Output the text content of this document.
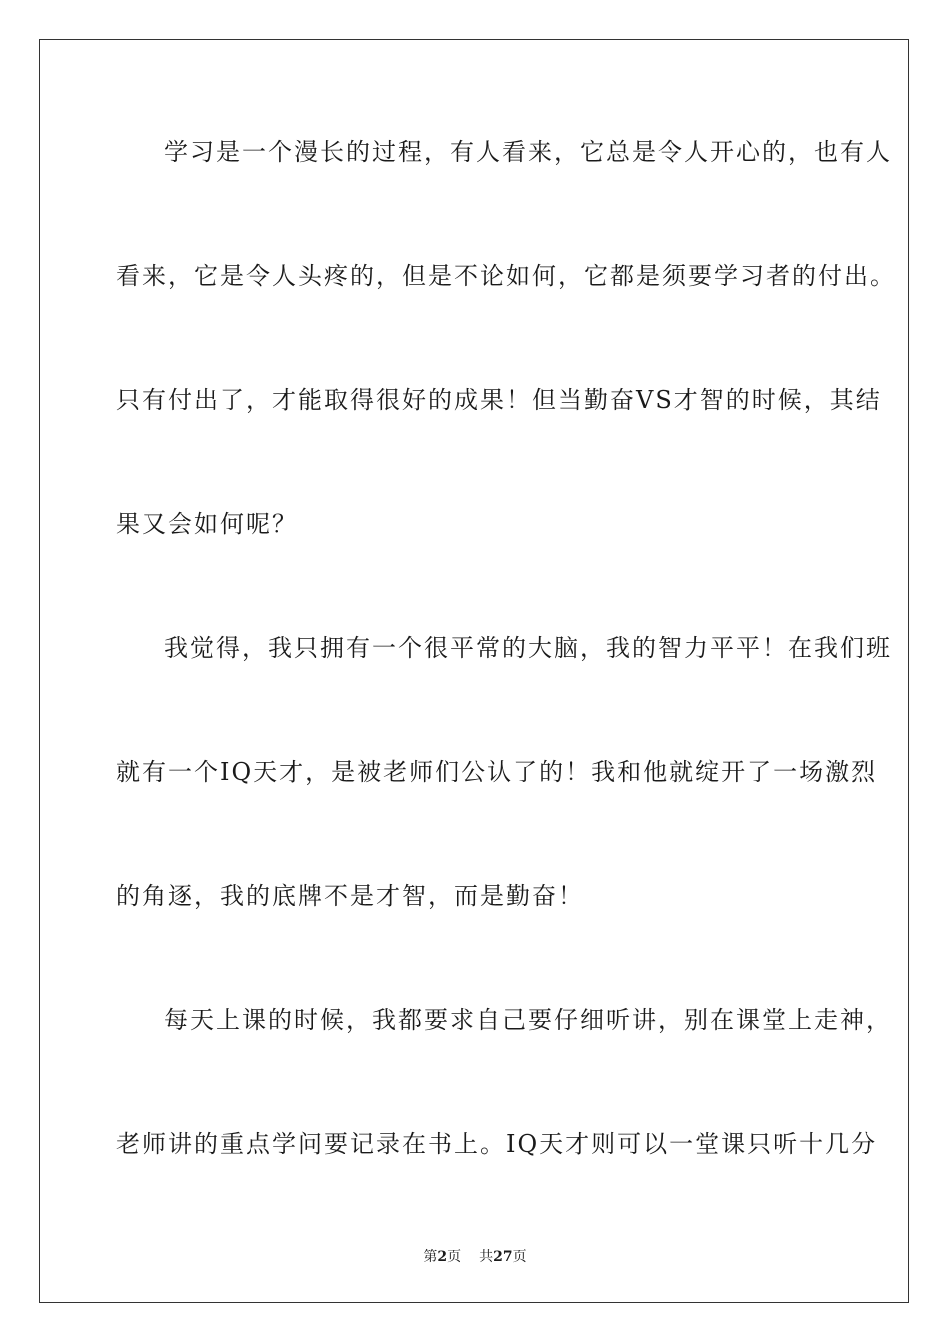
学习是一个漫长的过程，有人看来，它总是令人开心的，也有人
看来，它是令人头疼的，但是不论如何，它都是须要学习者的付出。
只有付出了，才能取得很好的成果！但当勤奋VS才智的时候，其结
果又会如何呢？
我觉得，我只拥有一个很平常的大脑，我的智力平平！在我们班
就有一个IQ天才，是被老师们公认了的！我和他就绽开了一场激烈
的角逐，我的底牌不是才智，而是勤奋！
每天上课的时候，我都要求自己要仔细听讲，别在课堂上走神，
老师讲的重点学问要记录在书上。IQ天才则可以一堂课只听十几分
第2页 共27页
